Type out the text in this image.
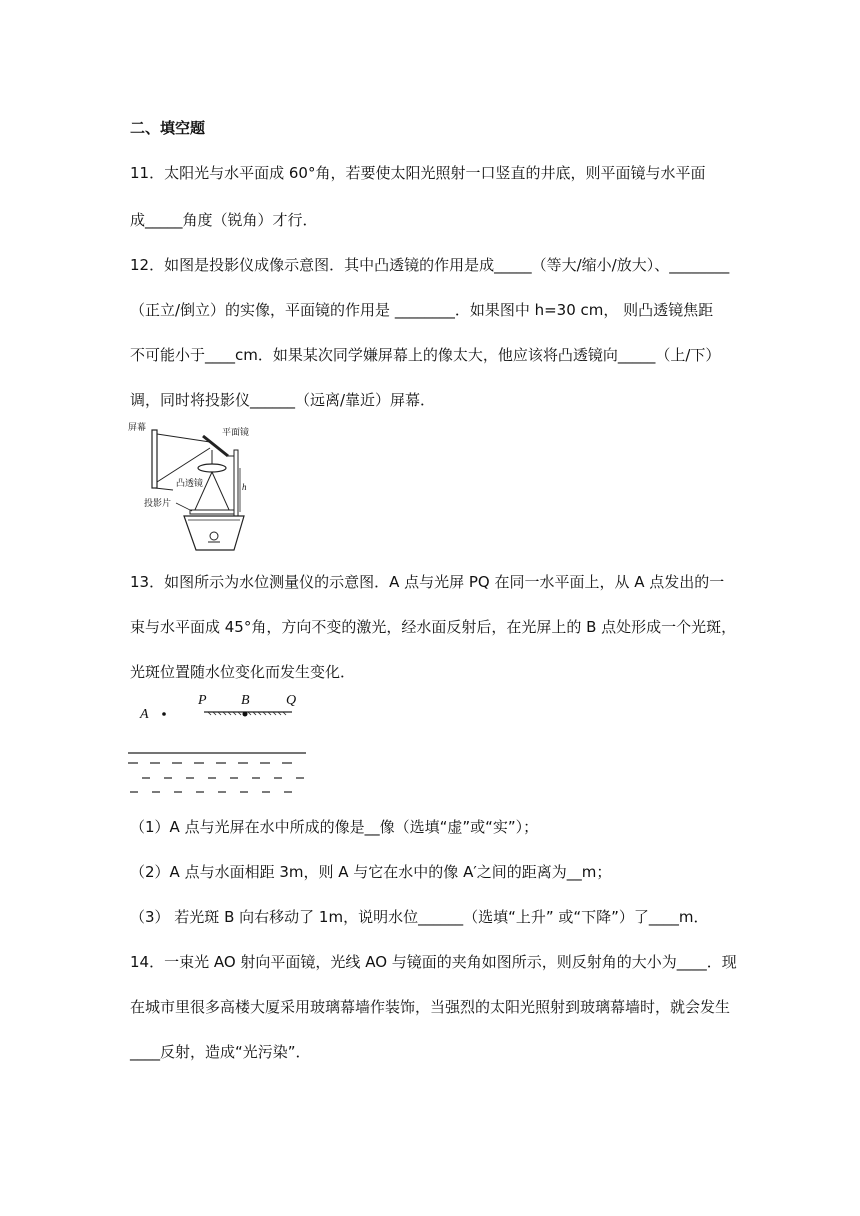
二、填空题
11．太阳光与水平面成 60°角，若要使太阳光照射一口竖直的井底，则平面镜与水平面
成_____角度（锐角）才行．
12．如图是投影仪成像示意图．其中凸透镜的作用是成_____（等大/缩小/放大）、________
（正立/倒立）的实像，平面镜的作用是 ________．如果图中 h=30 cm， 则凸透镜焦距
不可能小于____cm．如果某次同学嫌屏幕上的像太大，他应该将凸透镜向_____（上/下）
调，同时将投影仪______（远离/靠近）屏幕．
屏幕	平面镜
凸透镜	h
投影片
13．如图所示为水位测量仪的示意图．A 点与光屏 PQ 在同一水平面上，从 A 点发出的一
束与水平面成 45°角，方向不变的激光，经水面反射后，在光屏上的 B 点处形成一个光斑，
光斑位置随水位变化而发生变化．
A
P B	Q
（1）A 点与光屏在水中所成的像是__像（选填“虚”或“实”）；
（2）A 点与水面相距 3m，则 A 与它在水中的像 A′之间的距离为__m；
（3） 若光斑 B 向右移动了 1m，说明水位______（选填“上升” 或“下降”）了____m．
14．一束光 AO 射向平面镜，光线 AO 与镜面的夹角如图所示，则反射角的大小为____．现
在城市里很多高楼大厦采用玻璃幕墙作装饰，当强烈的太阳光照射到玻璃幕墙时，就会发生
____反射，造成“光污染”．
